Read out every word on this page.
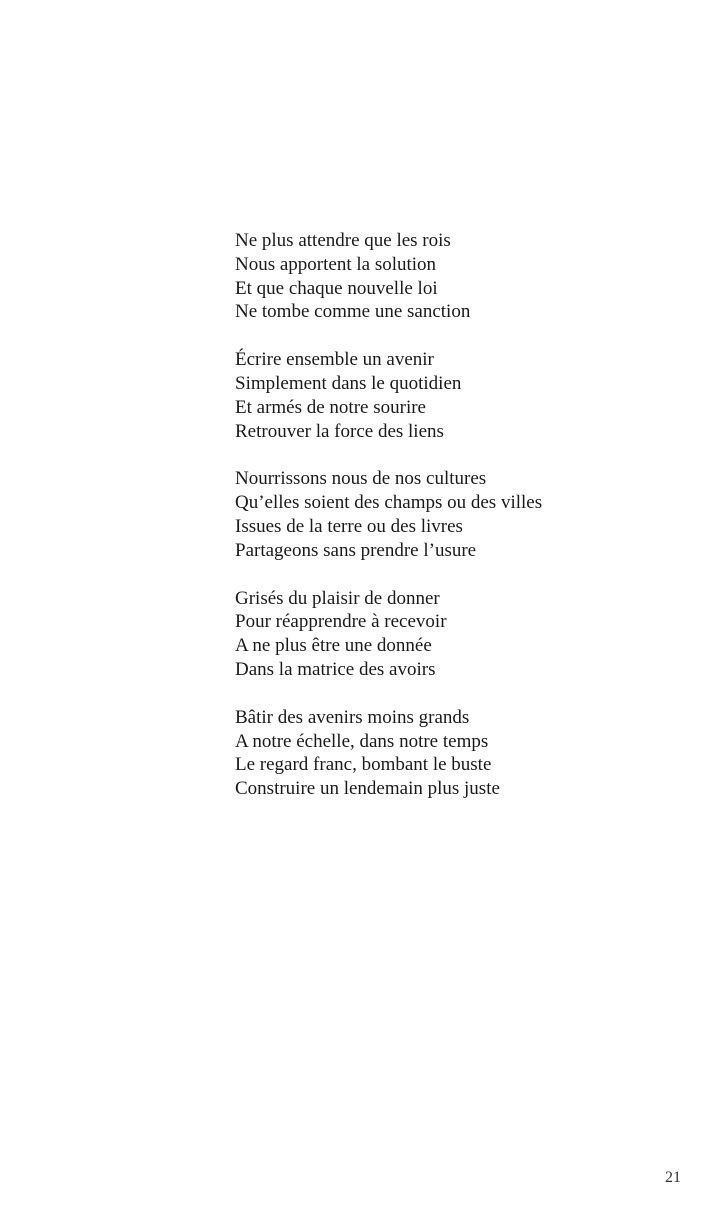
Ne plus attendre que les rois
Nous apportent la solution
Et que chaque nouvelle loi
Ne tombe comme une sanction
Écrire ensemble un avenir
Simplement dans le quotidien
Et armés de notre sourire
Retrouver la force des liens
Nourrissons nous de nos cultures
Qu’elles soient des champs ou des villes
Issues de la terre ou des livres
Partageons sans prendre l’usure
Grisés du plaisir de donner
Pour réapprendre à recevoir
A ne plus être une donnée
Dans la matrice des avoirs
Bâtir des avenirs moins grands
A notre échelle, dans notre temps
Le regard franc, bombant le buste
Construire un lendemain plus juste
21
